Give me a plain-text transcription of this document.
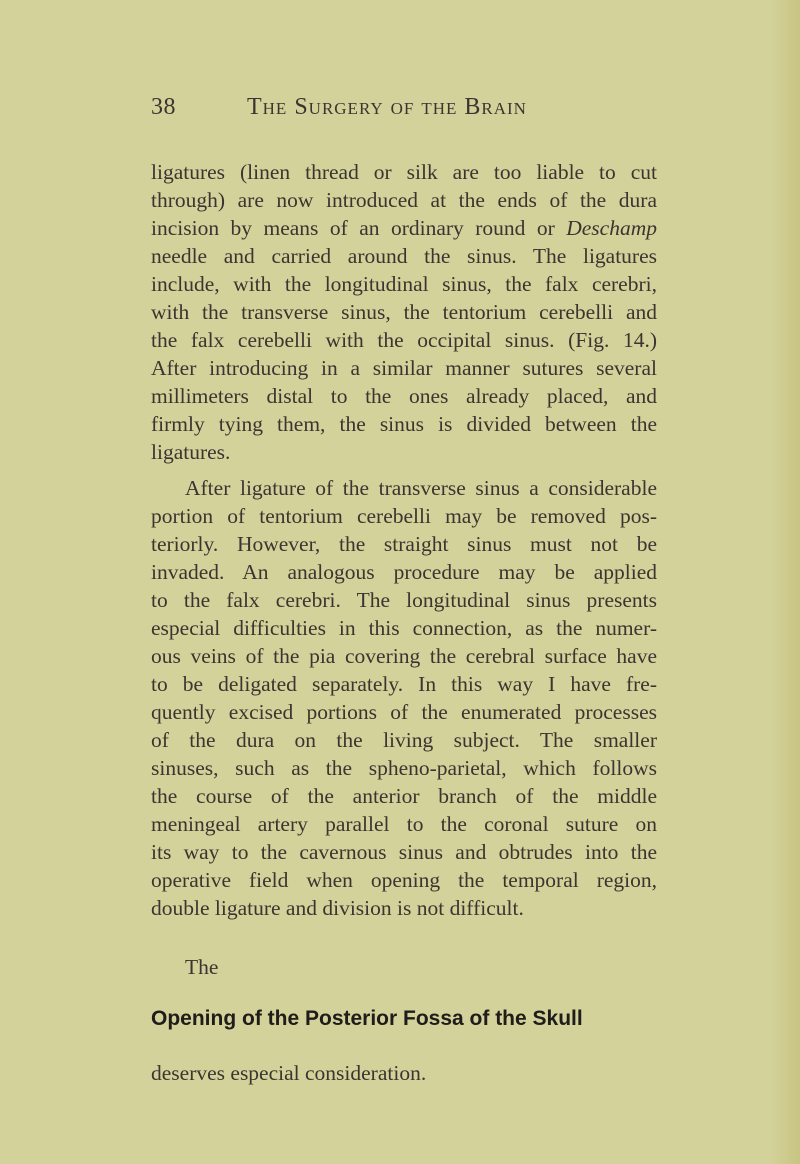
38	The Surgery of the Brain
ligatures (linen thread or silk are too liable to cut
through) are now introduced at the ends of the dura
incision by means of an ordinary round or Deschamp
needle and carried around the sinus. The ligatures
include, with the longitudinal sinus, the falx cerebri,
with the transverse sinus, the tentorium cerebelli and
the falx cerebelli with the occipital sinus. (Fig. 14.)
After introducing in a similar manner sutures several
millimeters distal to the ones already placed, and
firmly tying them, the sinus is divided between the
ligatures.
After ligature of the transverse sinus a considerable
portion of tentorium cerebelli may be removed pos-
teriorly. However, the straight sinus must not be
invaded. An analogous procedure may be applied
to the falx cerebri. The longitudinal sinus presents
especial difficulties in this connection, as the numer-
ous veins of the pia covering the cerebral surface have
to be deligated separately. In this way I have fre-
quently excised portions of the enumerated processes
of the dura on the living subject. The smaller
sinuses, such as the spheno-parietal, which follows
the course of the anterior branch of the middle
meningeal artery parallel to the coronal suture on
its way to the cavernous sinus and obtrudes into the
operative field when opening the temporal region,
double ligature and division is not difficult.
The
Opening of the Posterior Fossa of the Skull
deserves especial consideration.
